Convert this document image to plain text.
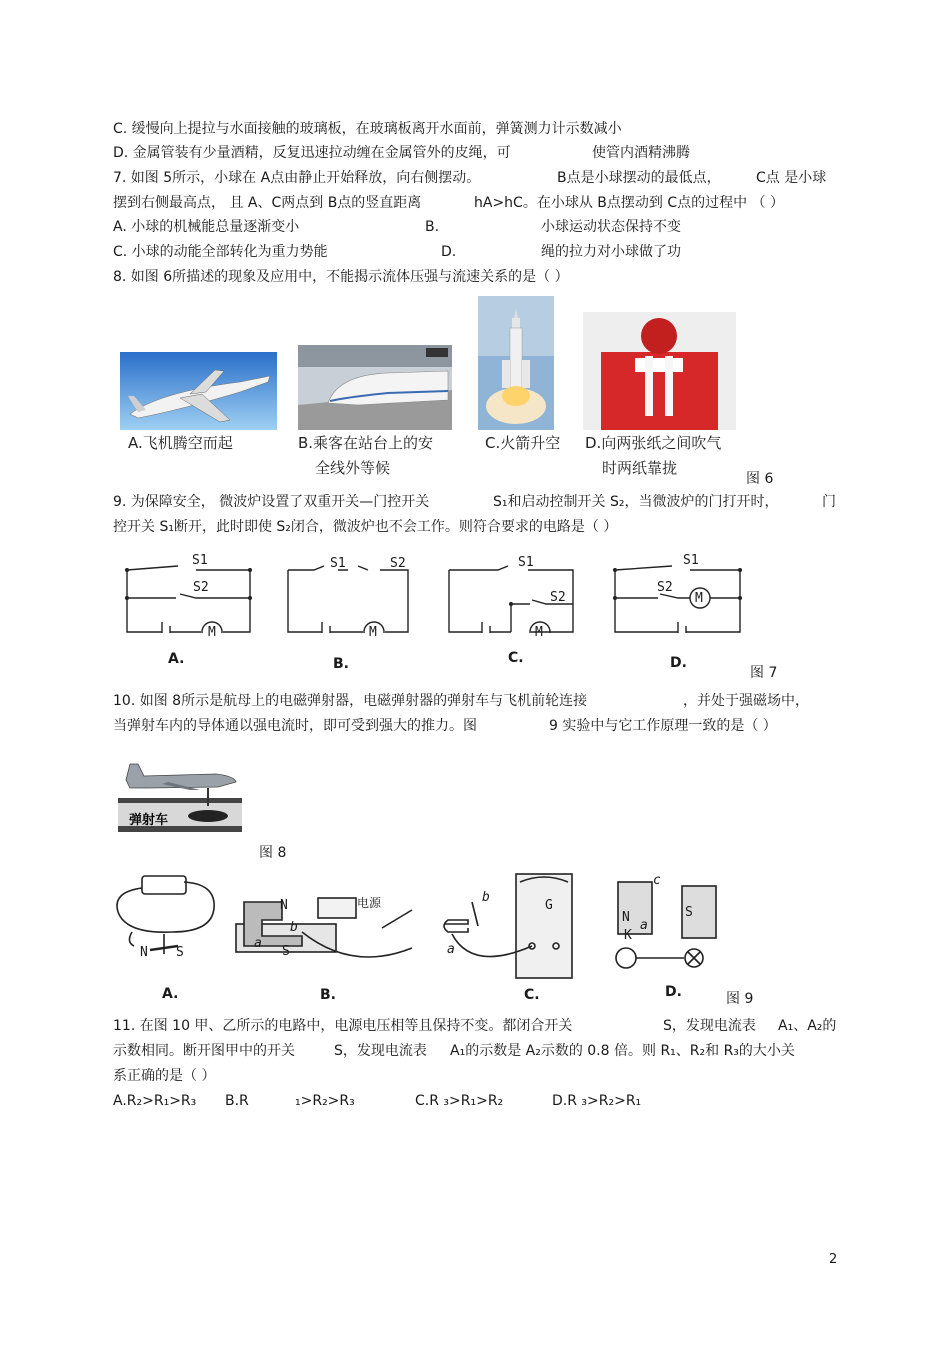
C. 缓慢向上提拉与水面接触的玻璃板，在玻璃板离开水面前，弹簧测力计示数减小
D. 金属管装有少量酒精，反复迅速拉动缠在金属管外的皮绳，可	使管内酒精沸腾
7. 如图 5所示，小球在 A点由静止开始释放，向右侧摆动。	B点是小球摆动的最低点，	C点 是小球
摆到右侧最高点， 且 A、C两点到 B点的竖直距离	hA>hC。在小球从 B点摆动到 C点的过程中 （ ）
A. 小球的机械能总量逐渐变小	B.	小球运动状态保持不变
C. 小球的动能全部转化为重力势能	D.	绳的拉力对小球做了功
8. 如图 6所描述的现象及应用中，不能揭示流体压强与流速关系的是（ ）
A.飞机腾空而起	B.乘客在站台上的安
全线外等候
C.火箭升空 D.向两张纸之间吹气
时两纸靠拢
图 6
9. 为保障安全， 微波炉设置了双重开关—门控开关	S₁和启动控制开关 S₂，当微波炉的门打开时，	门
控开关 S₁断开，此时即使 S₂闭合，微波炉也不会工作。则符合要求的电路是（ ）
S1
S2
M
S1	S2
M
S1
S2
M
S1
S2
M
A.	B.	C.	D.
图 7
10. 如图 8所示是航母上的电磁弹射器，电磁弹射器的弹射车与飞机前轮连接	，并处于强磁场中，
当弹射车内的导体通以强电流时，即可受到强大的推力。图	9 实验中与它工作原理一致的是（ ）
弹射车
图 8
N S
N
S
电源
a
b
b
a
G
N	S
c
a
K
A.	B.	C.	D.	图 9
11. 在图 10 甲、乙所示的电路中，电源电压相等且保持不变。都闭合开关	S，发现电流表 A₁、A₂的
示数相同。断开图甲中的开关	S，发现电流表 A₁的示数是 A₂示数的 0.8 倍。则 R₁、R₂和 R₃的大小关
系正确的是（ ）
A.R₂>R₁>R₃ B.R	₁>R₂>R₃	C.R ₃>R₁>R₂	D.R ₃>R₂>R₁
2
